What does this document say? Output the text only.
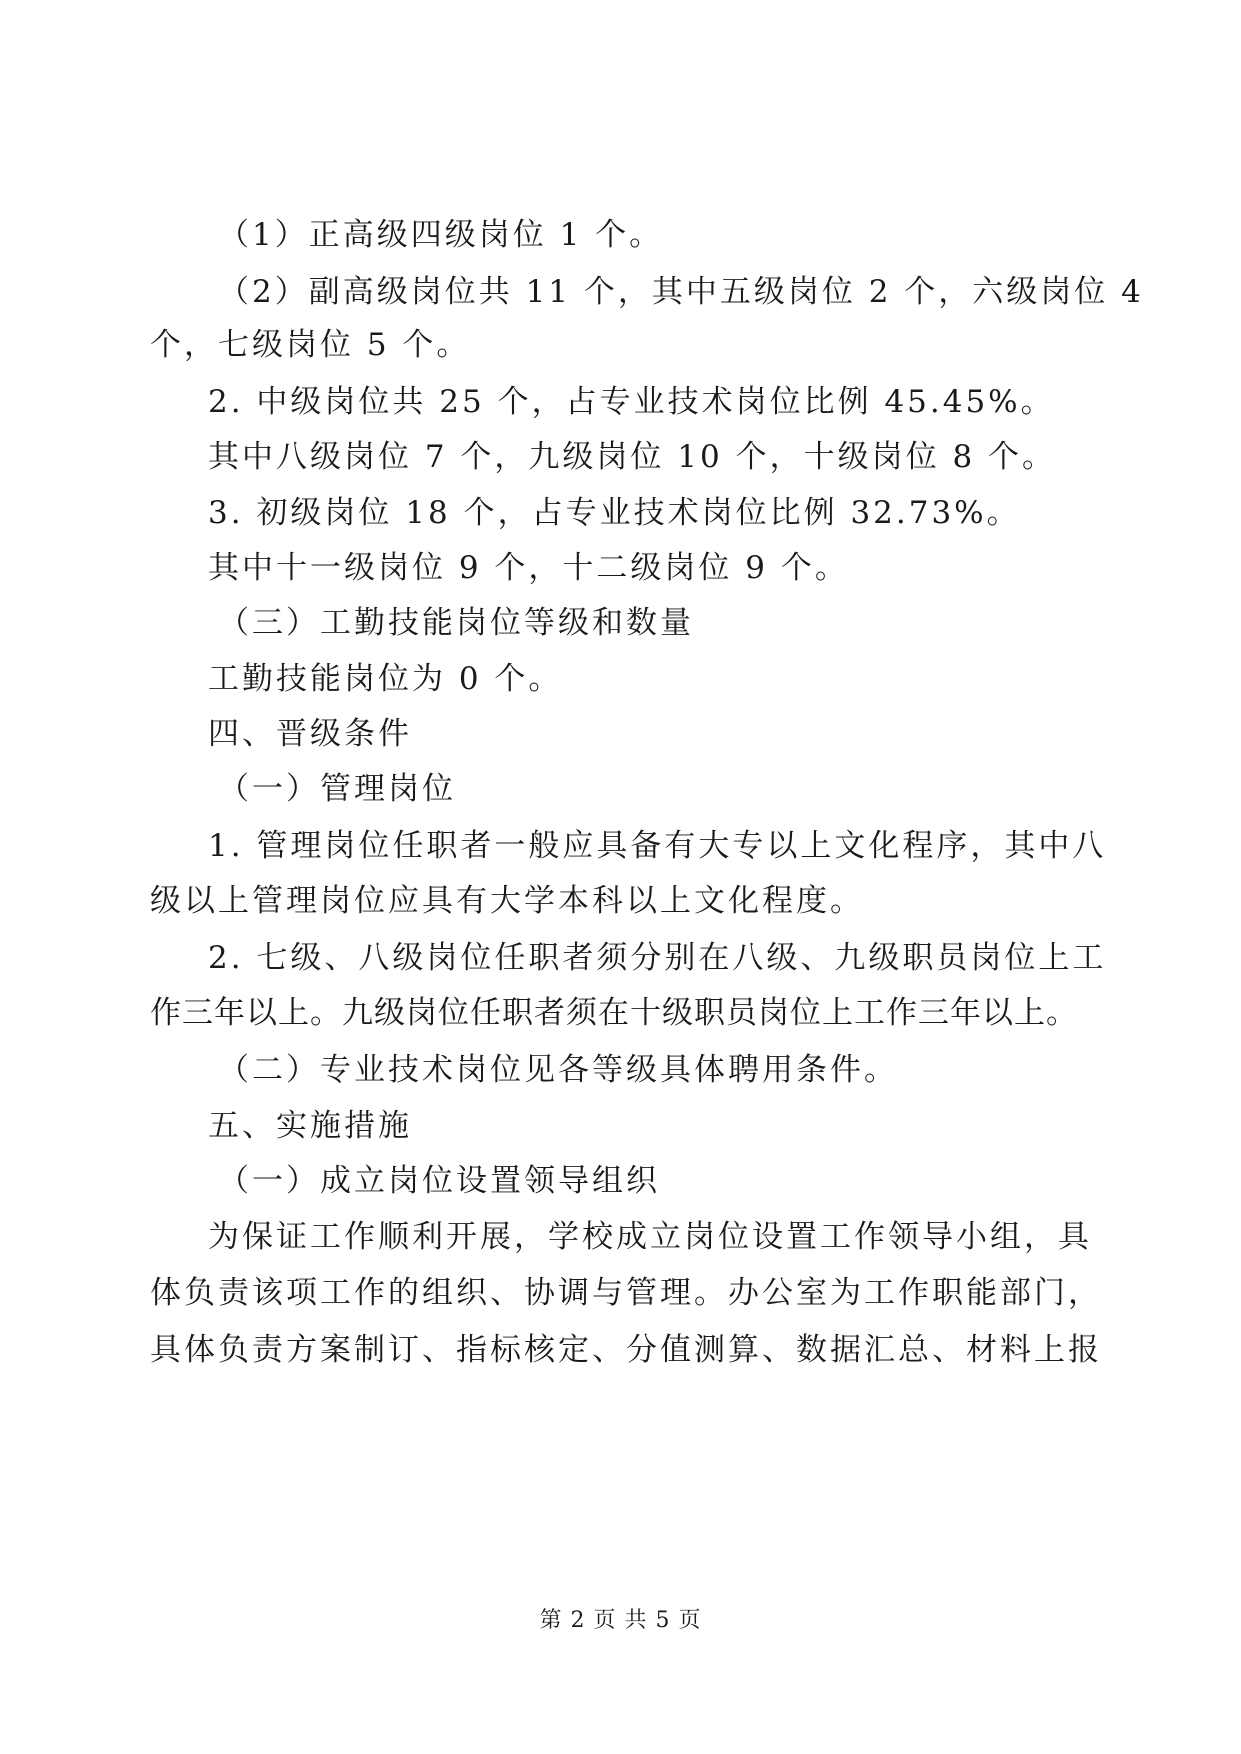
（1）正高级四级岗位 1 个。
（2）副高级岗位共 11 个，其中五级岗位 2 个，六级岗位 4
个，七级岗位 5 个。
2. 中级岗位共 25 个，占专业技术岗位比例 45.45%。
其中八级岗位 7 个，九级岗位 10 个，十级岗位 8 个。
3. 初级岗位 18 个，占专业技术岗位比例 32.73%。
其中十一级岗位 9 个，十二级岗位 9 个。
（三）工勤技能岗位等级和数量
工勤技能岗位为 0 个。
四、晋级条件
（一）管理岗位
1. 管理岗位任职者一般应具备有大专以上文化程序，其中八
级以上管理岗位应具有大学本科以上文化程度。
2. 七级、八级岗位任职者须分别在八级、九级职员岗位上工
作三年以上。九级岗位任职者须在十级职员岗位上工作三年以上。
（二）专业技术岗位见各等级具体聘用条件。
五、实施措施
（一）成立岗位设置领导组织
为保证工作顺利开展，学校成立岗位设置工作领导小组，具
体负责该项工作的组织、协调与管理。办公室为工作职能部门，
具体负责方案制订、指标核定、分值测算、数据汇总、材料上报
第 2 页 共 5 页
